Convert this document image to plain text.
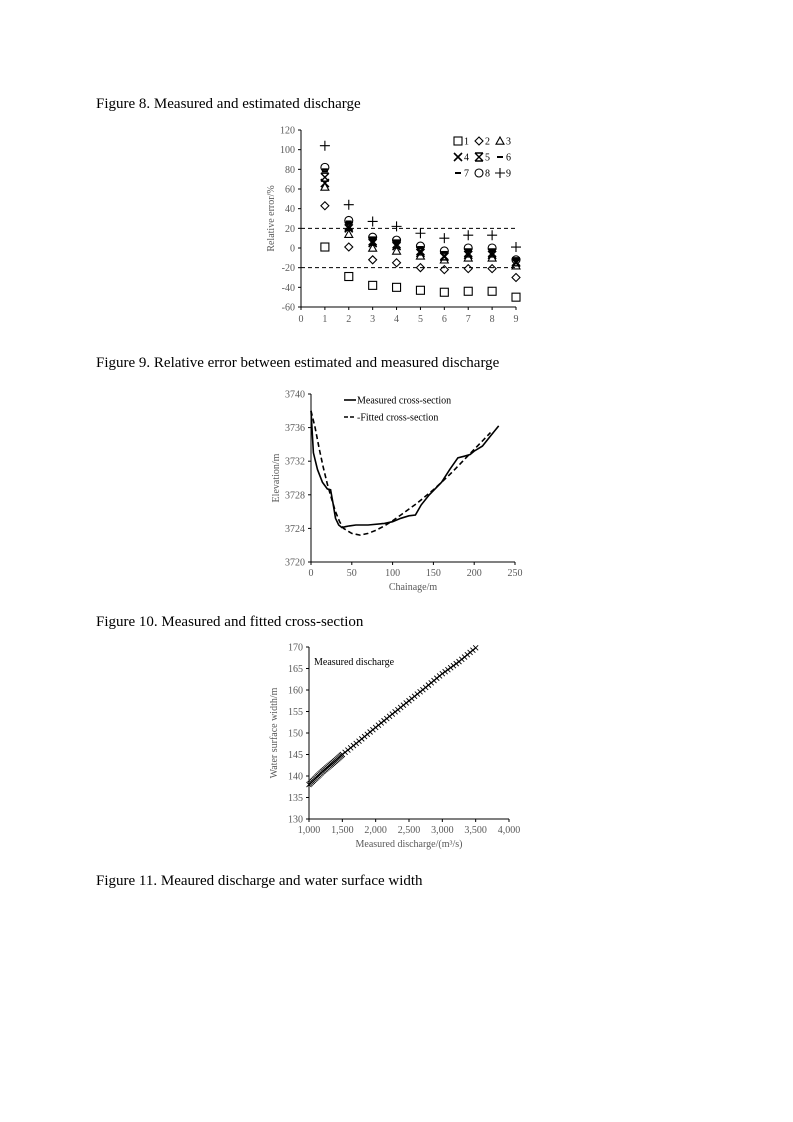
Figure 8. Measured and estimated discharge
120
100
80
60
40
20
0
-20
-40
-60
0 1 2 3 4 5 6 7 8 9
Relative error/%
1 2 3
4 5 6
7 8 9
Figure 9. Relative error between estimated and measured discharge
3740
3736
3732
3728
3724
3720
0	50	100	150	200	250
Elevation/m
Chainage/m
Measured cross-section
-Fitted cross-section
Figure 10. Measured and fitted cross-section
170
165
160
155
150
145
140
135
130
1,000 1,500 2,000 2,500 3,000 3,500 4,000
Water surface width/m
Measured discharge/(m³/s)
Measured discharge
Figure 11. Meaured discharge and water surface width
